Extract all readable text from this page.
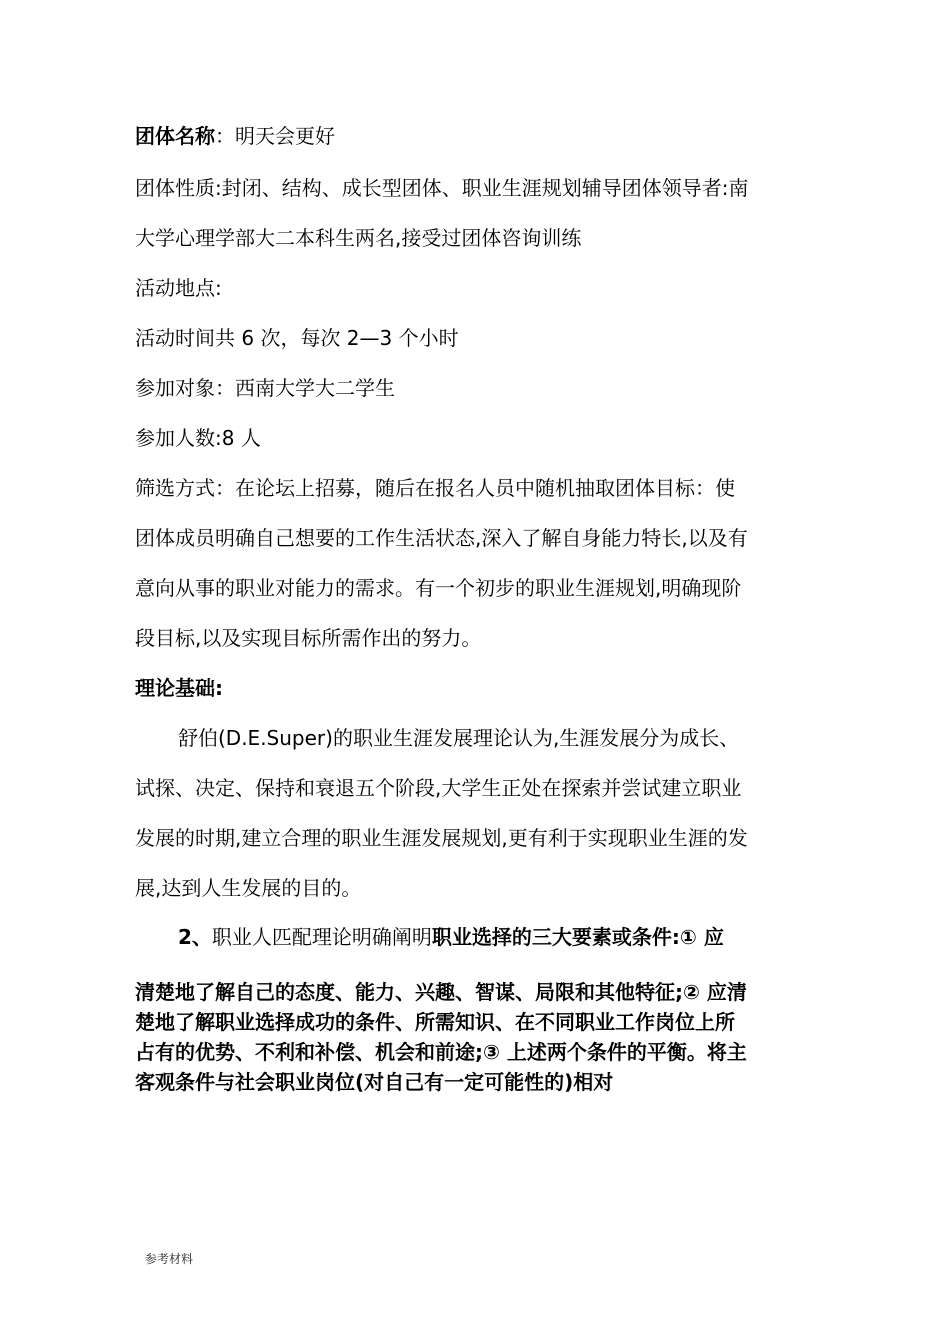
团体名称：明天会更好
团体性质:封闭、结构、成长型团体、职业生涯规划辅导团体领导者:南
大学心理学部大二本科生两名,接受过团体咨询训练
活动地点:
活动时间共 6 次，每次 2—3 个小时
参加对象：西南大学大二学生
参加人数:8 人
筛选方式：在论坛上招募，随后在报名人员中随机抽取团体目标：使
团体成员明确自己想要的工作生活状态,深入了解自身能力特长,以及有
意向从事的职业对能力的需求。有一个初步的职业生涯规划,明确现阶
段目标,以及实现目标所需作出的努力。
理论基础:
舒伯(D.E.Super)的职业生涯发展理论认为,生涯发展分为成长、
试探、决定、保持和衰退五个阶段,大学生正处在探索并尝试建立职业
发展的时期,建立合理的职业生涯发展规划,更有利于实现职业生涯的发
展,达到人生发展的目的。
2、职业人匹配理论明确阐明职业选择的三大要素或条件:① 应
清楚地了解自己的态度、能力、兴趣、智谋、局限和其他特征;② 应清
楚地了解职业选择成功的条件、所需知识、在不同职业工作岗位上所
占有的优势、不利和补偿、机会和前途;③ 上述两个条件的平衡。将主
客观条件与社会职业岗位(对自己有一定可能性的)相对
参考材料
